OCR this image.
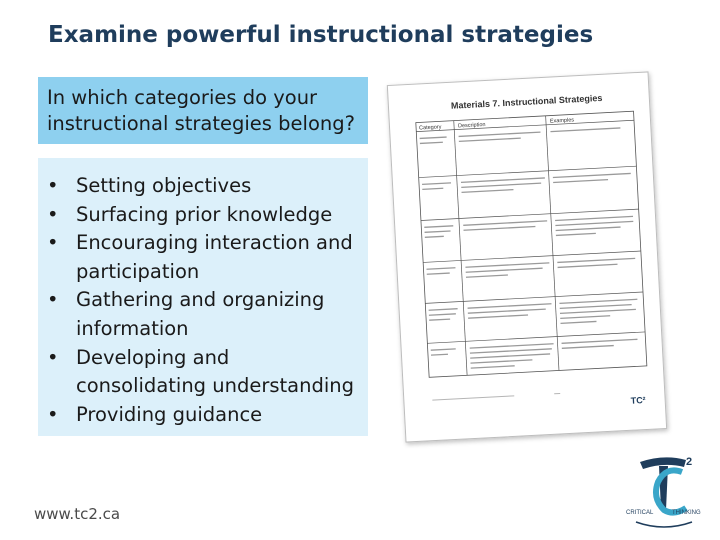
Examine powerful instructional strategies
In which categories do your instructional strategies belong?
• Setting objectives
• Surfacing prior knowledge
• Encouraging interaction and participation
• Gathering and organizing information
• Developing and consolidating understanding
• Providing guidance
Materials 7. Instructional Strategies
Category	Description
Examples
TC²
www.tc2.ca
2
CRITICAL	THINKING
